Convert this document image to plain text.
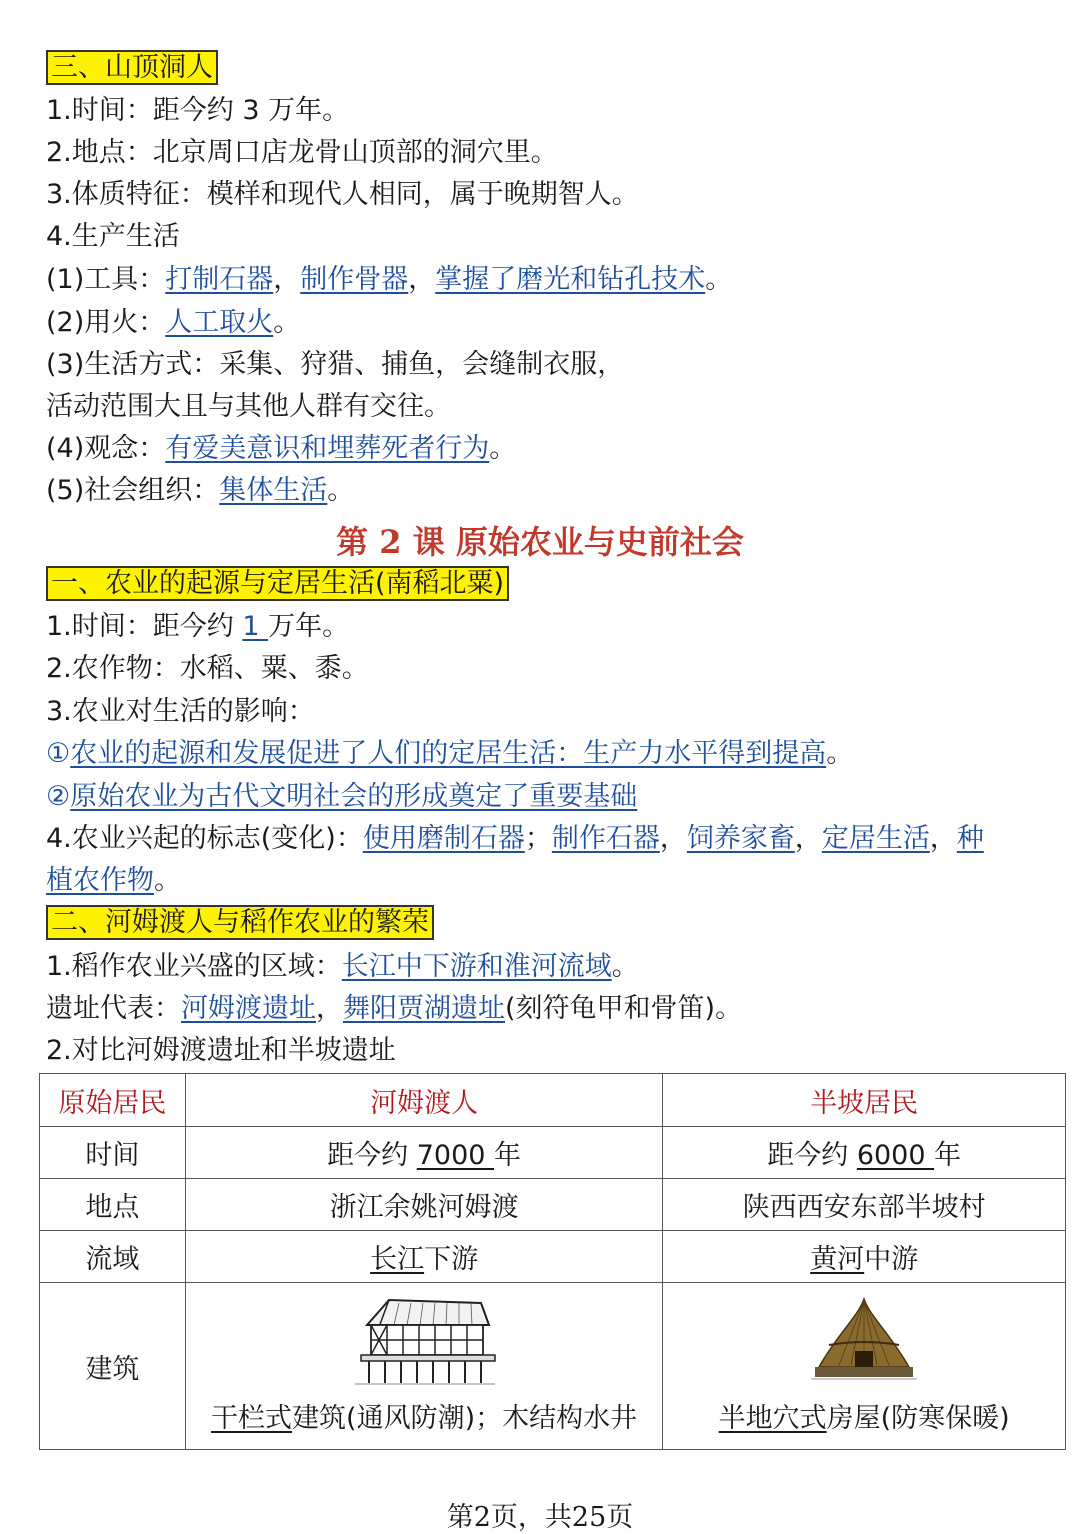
三、山顶洞人
1.时间：距今约 3 万年。
2.地点：北京周口店龙骨山顶部的洞穴里。
3.体质特征：模样和现代人相同，属于晚期智人。
4.生产生活
(1)工具：打制石器，制作骨器，掌握了磨光和钻孔技术。
(2)用火：人工取火。
(3)生活方式：采集、狩猎、捕鱼，会缝制衣服，
活动范围大且与其他人群有交往。
(4)观念：有爱美意识和埋葬死者行为。
(5)社会组织：集体生活。
第 2 课 原始农业与史前社会
一、农业的起源与定居生活(南稻北粟)
1.时间：距今约 1 万年。
2.农作物：水稻、粟、黍。
3.农业对生活的影响：
①农业的起源和发展促进了人们的定居生活：生产力水平得到提高。
②原始农业为古代文明社会的形成奠定了重要基础
4.农业兴起的标志(变化)：使用磨制石器；制作石器，饲养家畜，定居生活，种
植农作物。
二、河姆渡人与稻作农业的繁荣
1.稻作农业兴盛的区域：长江中下游和淮河流域。
遗址代表：河姆渡遗址，舞阳贾湖遗址(刻符龟甲和骨笛)。
2.对比河姆渡遗址和半坡遗址
原始居民	河姆渡人	半坡居民
时间	距今约 7000 年	距今约 6000 年
地点	浙江余姚河姆渡	陕西西安东部半坡村
流域	长江下游	黄河中游
建筑	干栏式建筑(通风防潮)；木结构水井	半地穴式房屋(防寒保暖)
第2页，共25页
